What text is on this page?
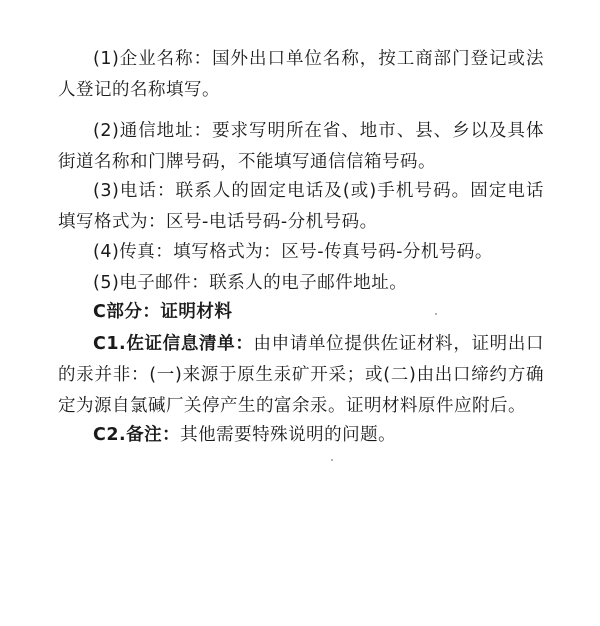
(1)企业名称：国外出口单位名称，按工商部门登记或法人登记的名称填写。

(2)通信地址：要求写明所在省、地市、县、乡以及具体街道名称和门牌号码，不能填写通信信箱号码。

(3)电话：联系人的固定电话及(或)手机号码。固定电话填写格式为：区号-电话号码-分机号码。

(4)传真：填写格式为：区号-传真号码-分机号码。

(5)电子邮件：联系人的电子邮件地址。

C部分：证明材料

C1.佐证信息清单：由申请单位提供佐证材料，证明出口的汞并非：(一)来源于原生汞矿开采；或(二)由出口缔约方确定为源自氯碱厂关停产生的富余汞。证明材料原件应附后。

C2.备注：其他需要特殊说明的问题。
